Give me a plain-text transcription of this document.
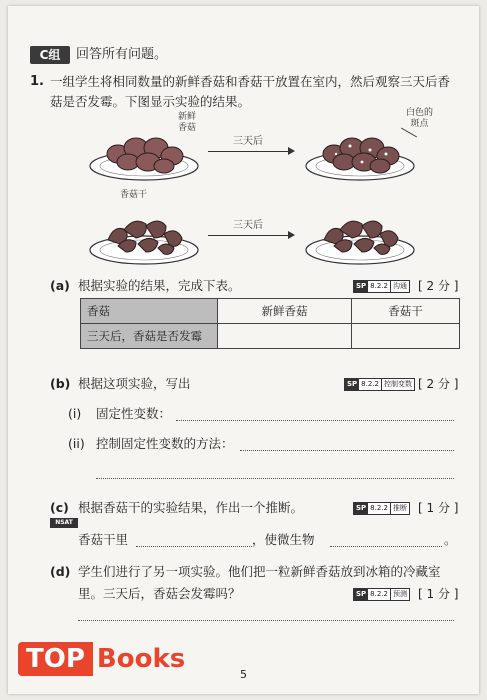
C组	回答所有问题。
1. 一组学生将相同数量的新鲜香菇和香菇干放置在室内，然后观察三天后香
菇是否发霉。下图显示实验的结果。
新鲜
香菇
三天后
白色的
斑点
香菇干
三天后
(a) 根据实验的结果，完成下表。	SP 8.2.2 沟通 [ 2 分 ]
香菇	新鲜香菇	香菇干
三天后，香菇是否发霉		
(b) 根据这项实验，写出	SP 8.2.2 控制变数 [ 2 分 ]
(i) 固定性变数：
(ii) 控制固定性变数的方法：
(c) 根据香菇干的实验结果，作出一个推断。
NSAT
SP 8.2.2 推断 [ 1 分 ]
香菇干里	，使微生物	。
(d) 学生们进行了另一项实验。他们把一粒新鲜香菇放到冰箱的冷藏室
里。三天后，香菇会发霉吗？	SP 8.2.2 预测 [ 1 分 ]
TOP Books
5
